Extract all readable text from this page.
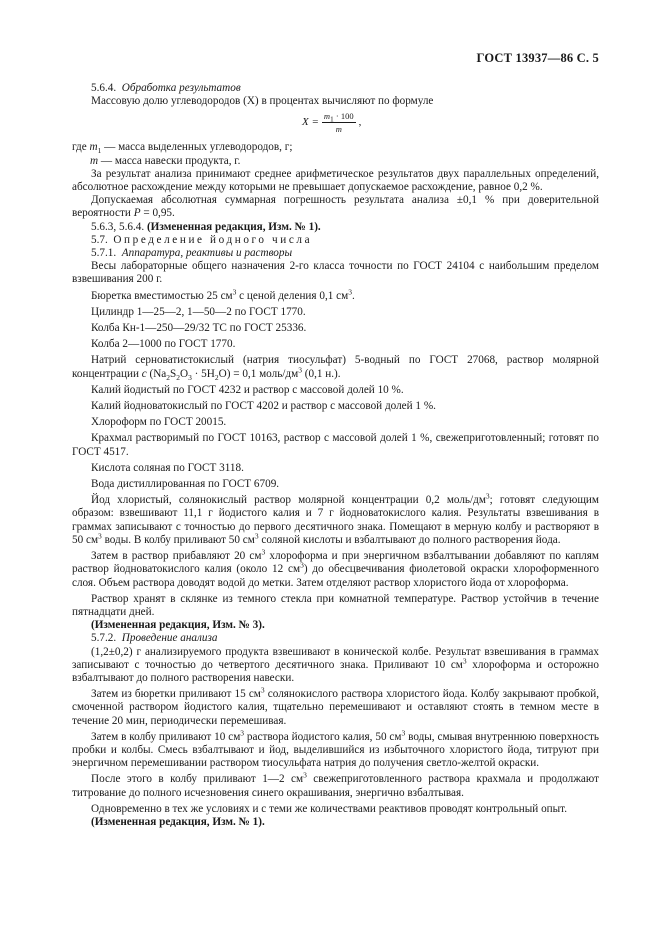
ГОСТ 13937—86 С. 5

5.6.4. Обработка результатов

Массовую долю углеводородов (X) в процентах вычисляют по формуле

$X = \frac{m_1 \cdot 100}{m}$ ,

где $m_1$ — масса выделенных углеводородов, г;

m — масса навески продукта, г.

За результат анализа принимают среднее арифметическое результатов двух параллельных определений, абсолютное расхождение между которыми не превышает допускаемое расхождение, равное 0,2 %.

Допускаемая абсолютная суммарная погрешность результата анализа ±0,1 % при доверительной вероятности P = 0,95.

5.6.3, 5.6.4. (Измененная редакция, Изм. № 1).

5.7. Определение йодного числа

5.7.1. Аппаратура, реактивы и растворы

Весы лабораторные общего назначения 2-го класса точности по ГОСТ 24104 с наибольшим пределом взвешивания 200 г.

Бюретка вместимостью 25 $см^3$ с ценой деления 0,1 $см^3$.

Цилиндр 1—25—2, 1—50—2 по ГОСТ 1770.

Колба Кн-1—250—29/32 ТС по ГОСТ 25336.

Колба 2—1000 по ГОСТ 1770.

Натрий серноватистокислый (натрия тиосульфат) 5-водный по ГОСТ 27068, раствор молярной концентрации c $(Na_2S_2O_3 \cdot 5H_2O) = 0,1$ моль/$дм^3$ (0,1 н.).

Калий йодистый по ГОСТ 4232 и раствор с массовой долей 10 %.

Калий йодноватокислый по ГОСТ 4202 и раствор с массовой долей 1 %.

Хлороформ по ГОСТ 20015.

Крахмал растворимый по ГОСТ 10163, раствор с массовой долей 1 %, свежеприготовленный; готовят по ГОСТ 4517.

Кислота соляная по ГОСТ 3118.

Вода дистиллированная по ГОСТ 6709.

Йод хлористый, солянокислый раствор молярной концентрации 0,2 моль/$дм^3$; готовят следующим образом: взвешивают 11,1 г йодистого калия и 7 г йодноватокислого калия. Результаты взвешивания в граммах записывают с точностью до первого десятичного знака. Помещают в мерную колбу и растворяют в 50 $см^3$ воды. В колбу приливают 50 $см^3$ соляной кислоты и взбалтывают до полного растворения йода.

Затем в раствор прибавляют 20 $см^3$ хлороформа и при энергичном взбалтывании добавляют по каплям раствор йодноватокислого калия (около 12 $см^3$) до обесцвечивания фиолетовой окраски хлороформенного слоя. Объем раствора доводят водой до метки. Затем отделяют раствор хлористого йода от хлороформа.

Раствор хранят в склянке из темного стекла при комнатной температуре. Раствор устойчив в течение пятнадцати дней.

(Измененная редакция, Изм. № 3).

5.7.2. Проведение анализа

(1,2±0,2) г анализируемого продукта взвешивают в конической колбе. Результат взвешивания в граммах записывают с точностью до четвертого десятичного знака. Приливают 10 $см^3$ хлороформа и осторожно взбалтывают до полного растворения навески.

Затем из бюретки приливают 15 $см^3$ солянокислого раствора хлористого йода. Колбу закрывают пробкой, смоченной раствором йодистого калия, тщательно перемешивают и оставляют стоять в темном месте в течение 20 мин, периодически перемешивая.

Затем в колбу приливают 10 $см^3$ раствора йодистого калия, 50 $см^3$ воды, смывая внутреннюю поверхность пробки и колбы. Смесь взбалтывают и йод, выделившийся из избыточного хлористого йода, титруют при энергичном перемешивании раствором тиосульфата натрия до получения светло-желтой окраски.

После этого в колбу приливают 1—2 $см^3$ свежеприготовленного раствора крахмала и продолжают титрование до полного исчезновения синего окрашивания, энергично взбалтывая.

Одновременно в тех же условиях и с теми же количествами реактивов проводят контрольный опыт.

(Измененная редакция, Изм. № 1).
